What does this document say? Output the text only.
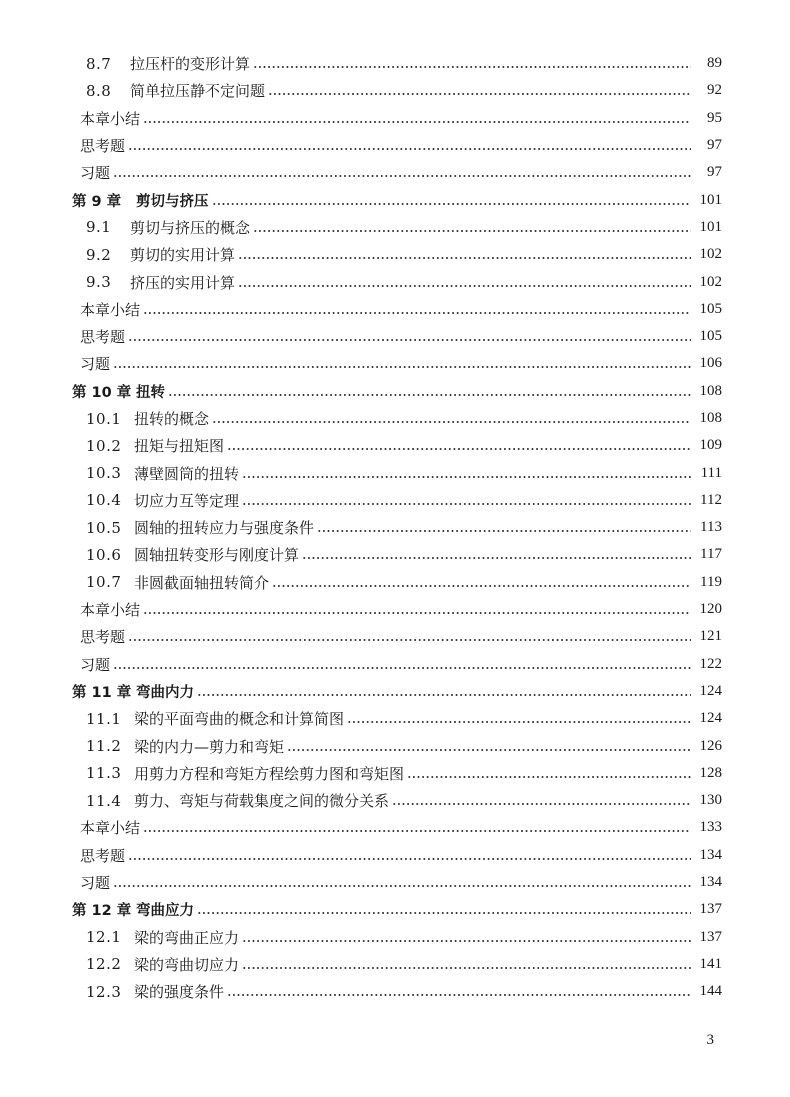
8.7	拉压杆的变形计算	89
8.8	简单拉压静不定问题	92
本章小结	95
思考题	97
习题	97
第 9 章	剪切与挤压	101
9.1	剪切与挤压的概念	101
9.2	剪切的实用计算	102
9.3	挤压的实用计算	102
本章小结	105
思考题	105
习题	106
第 10 章 扭转	108
10.1 扭转的概念	108
10.2 扭矩与扭矩图	109
10.3 薄壁圆筒的扭转	111
10.4 切应力互等定理	112
10.5 圆轴的扭转应力与强度条件	113
10.6 圆轴扭转变形与刚度计算	117
10.7 非圆截面轴扭转简介	119
本章小结	120
思考题	121
习题	122
第 11 章 弯曲内力	124
11.1 梁的平面弯曲的概念和计算简图	124
11.2 梁的内力—剪力和弯矩	126
11.3 用剪力方程和弯矩方程绘剪力图和弯矩图	128
11.4 剪力、弯矩与荷载集度之间的微分关系	130
本章小结	133
思考题	134
习题	134
第 12 章 弯曲应力	137
12.1 梁的弯曲正应力	137
12.2 梁的弯曲切应力	141
12.3 梁的强度条件	144
3
